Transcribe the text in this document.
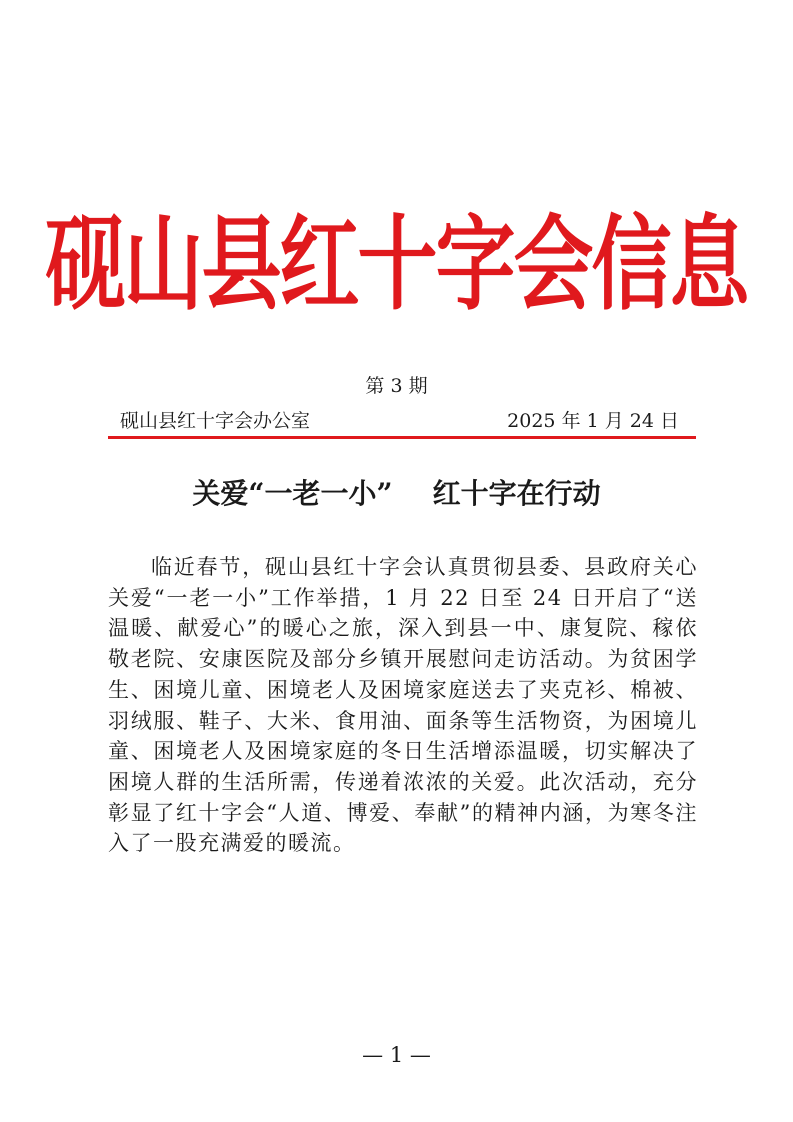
砚山县红十字会信息
第 3 期
砚山县红十字会办公室	2025 年 1 月 24 日
关爱“一老一小” 红十字在行动

临近春节，砚山县红十字会认真贯彻县委、县政府关心关爱“一老一小”工作举措，1 月 22 日至 24 日开启了“送温暖、献爱心”的暖心之旅，深入到县一中、康复院、稼依敬老院、安康医院及部分乡镇开展慰问走访活动。为贫困学生、困境儿童、困境老人及困境家庭送去了夹克衫、棉被、羽绒服、鞋子、大米、食用油、面条等生活物资，为困境儿童、困境老人及困境家庭的冬日生活增添温暖，切实解决了困境人群的生活所需，传递着浓浓的关爱。此次活动，充分彰显了红十字会“人道、博爱、奉献”的精神内涵，为寒冬注入了一股充满爱的暖流。

— 1 —
